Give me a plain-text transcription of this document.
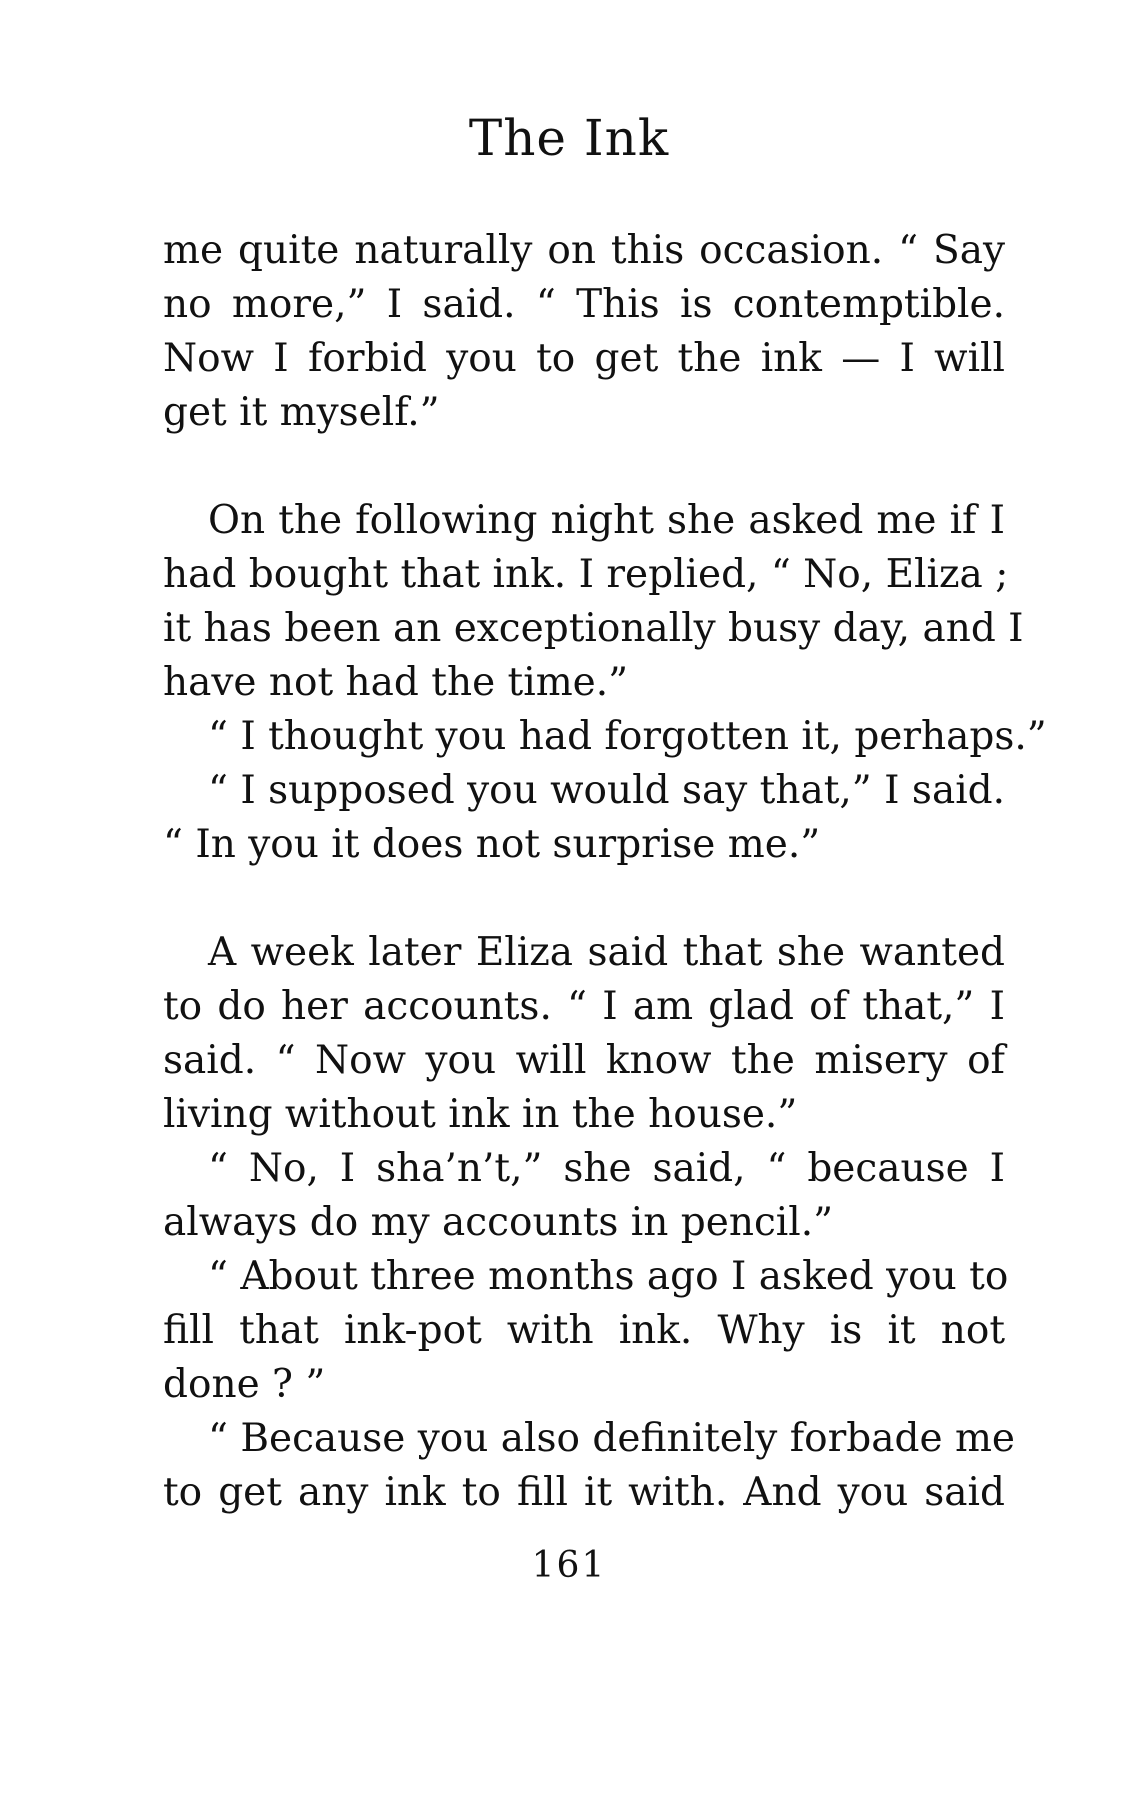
The Ink
me quite naturally on this occasion. “ Say
no more,” I said. “ This is contemptible.
Now I forbid you to get the ink — I will
get it myself.”
On the following night she asked me if I
had bought that ink. I replied, “ No, Eliza ;
it has been an exceptionally busy day, and I
have not had the time.”
“ I thought you had forgotten it, perhaps.”
“ I supposed you would say that,” I said.
“ In you it does not surprise me.”
A week later Eliza said that she wanted
to do her accounts. “ I am glad of that,” I
said. “ Now you will know the misery of
living without ink in the house.”
“ No, I sha’n’t,” she said, “ because I
always do my accounts in pencil.”
“ About three months ago I asked you to
fill that ink-pot with ink. Why is it not
done ? ”
“ Because you also definitely forbade me
to get any ink to fill it with. And you said
161
